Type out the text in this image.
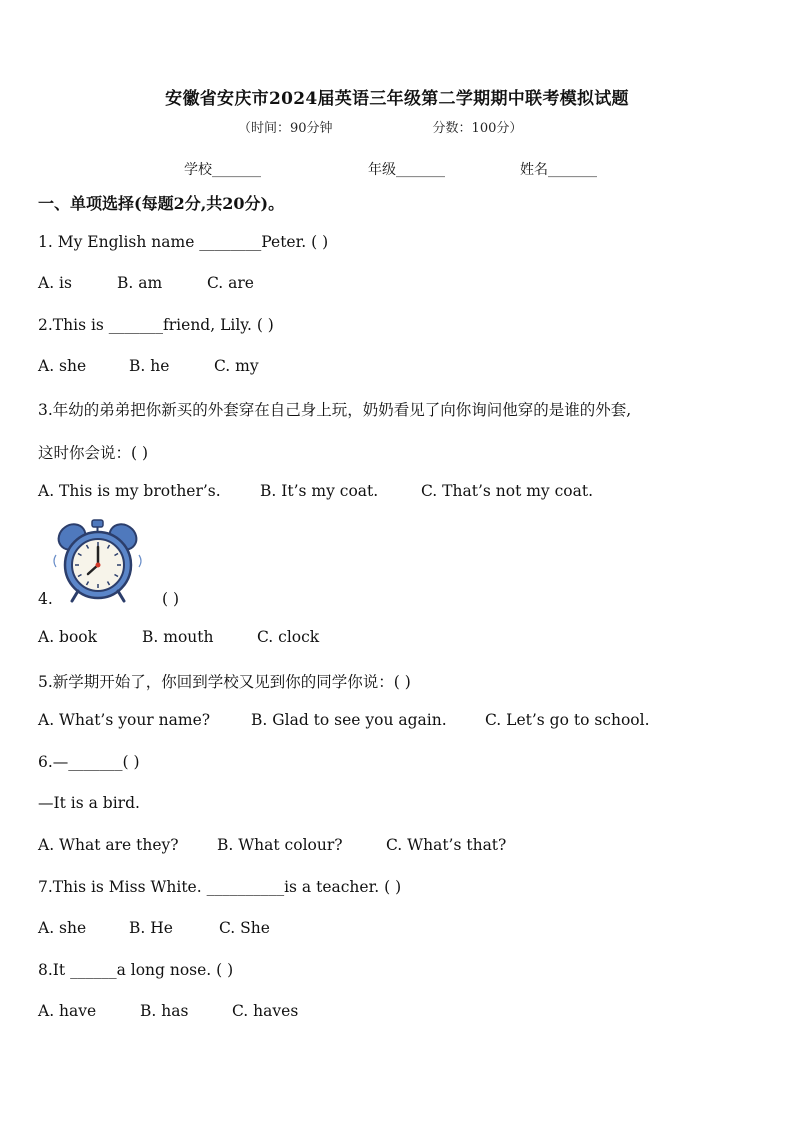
安徽省安庆市2024届英语三年级第二学期期中联考模拟试题
（时间：90分钟	分数：100分）
学校_______	年级_______	姓名_______
一、单项选择(每题2分,共20分)。
1. My English name ________Peter. ( )
A. is	B. am	C. are
2.This is _______friend, Lily. ( )
A. she	B. he	C. my
3.年幼的弟弟把你新买的外套穿在自己身上玩，奶奶看见了向你询问他穿的是谁的外套,
这时你会说：( )
A. This is my brother’s.	B. It’s my coat.	C. That’s not my coat.
4.	( )
A. book	B. mouth	C. clock
5.新学期开始了，你回到学校又见到你的同学你说：( )
A. What’s your name?	B. Glad to see you again. C. Let’s go to school.
6.—_______( )
—It is a bird.
A. What are they? B. What colour?	C. What’s that?
7.This is Miss White. __________is a teacher. ( )
A. she	B. He	C. She
8.It ______a long nose. ( )
A. have	B. has	C. haves
